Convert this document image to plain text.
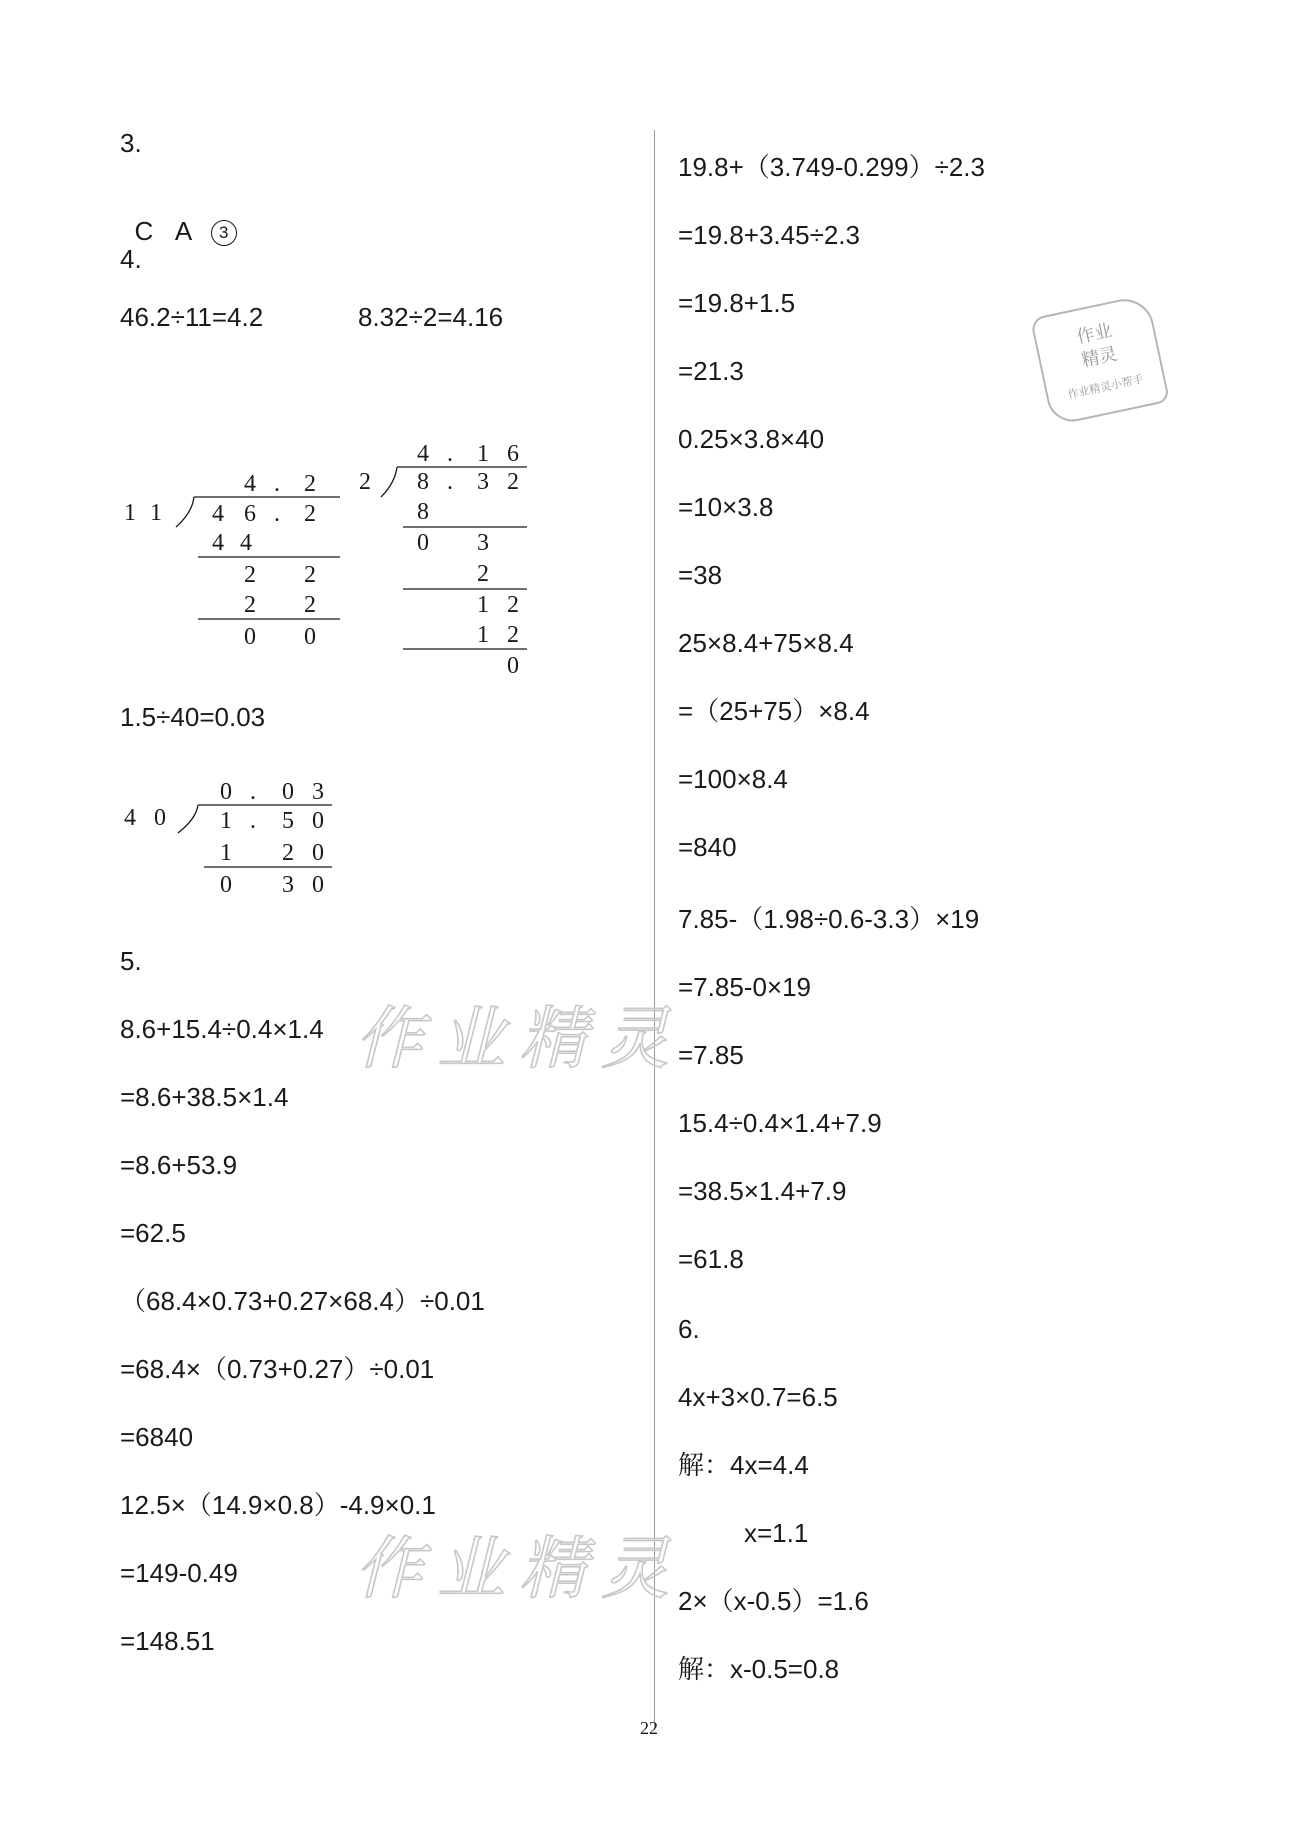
3.

C A 3

4.
46.2÷11=4.2	8.32÷2=4.16
1 1
4 . 2
4 6 . 2
4 4
2 2
2 2
0 0
2
4 . 1 6
8 . 3 2
8
0 3
2
1 2
1 2
0
1.5÷40=0.03
4 0
0 . 0 3
1 . 5 0
1 2 0
0 3 0
5.
8.6+15.4÷0.4×1.4
=8.6+38.5×1.4
=8.6+53.9
=62.5
（68.4×0.73+0.27×68.4）÷0.01
=68.4×（0.73+0.27）÷0.01
=6840
12.5×（14.9×0.8）-4.9×0.1
=149-0.49
=148.51
19.8+（3.749-0.299）÷2.3
=19.8+3.45÷2.3
=19.8+1.5
=21.3
0.25×3.8×40
=10×3.8
=38
25×8.4+75×8.4
=（25+75）×8.4
=100×8.4
=840
7.85-（1.98÷0.6-3.3）×19
=7.85-0×19
=7.85
15.4÷0.4×1.4+7.9
=38.5×1.4+7.9
=61.8
6.
4x+3×0.7=6.5
解：4x=4.4
x=1.1
2×（x-0.5）=1.6
解：x-0.5=0.8
作业精灵
作业精灵
作业
精灵
作业精灵小帮手
22
